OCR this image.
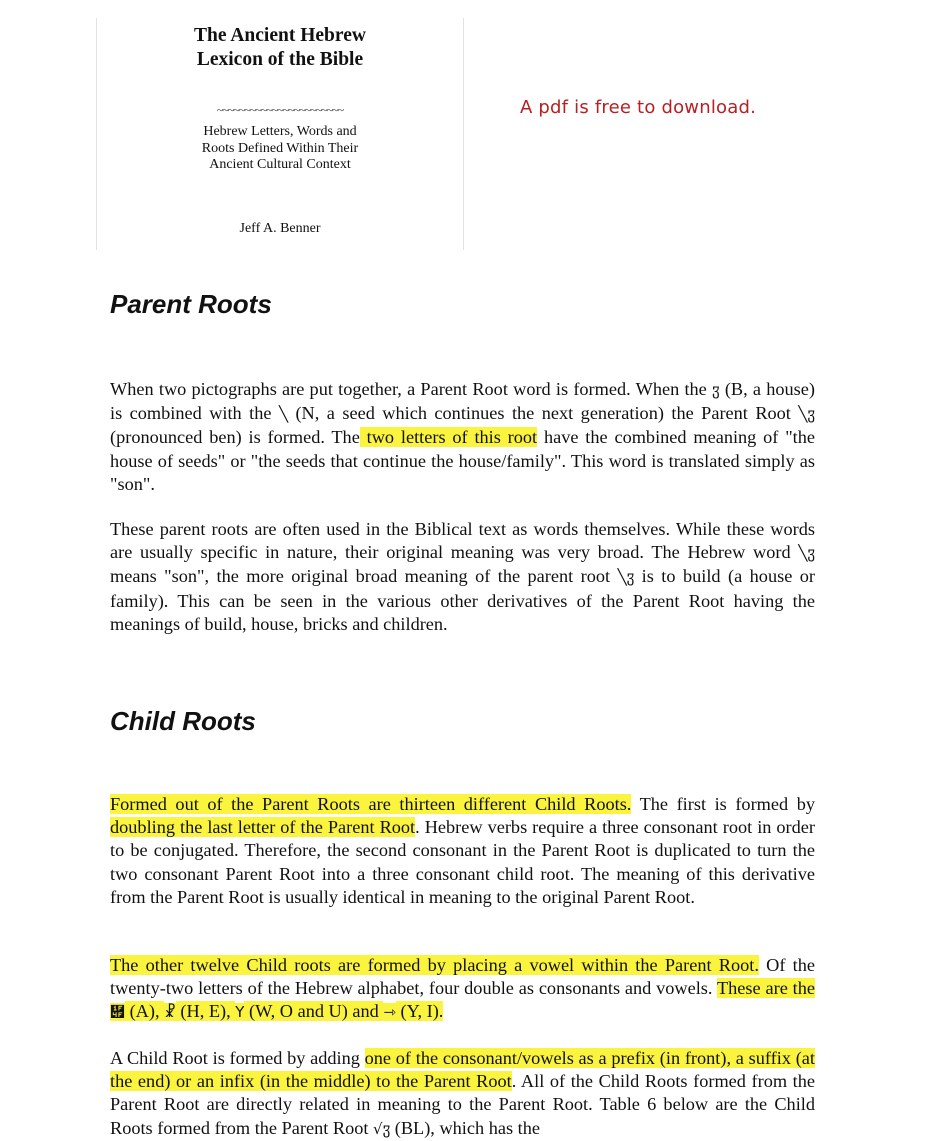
The Ancient Hebrew
Lexicon of the Bible
~~~~~~~~~~~~~~~~~~~~~~~
Hebrew Letters, Words and
Roots Defined Within Their
Ancient Cultural Context
Jeff A. Benner
A pdf is free to download.
Parent Roots

When two pictographs are put together, a Parent Root word is formed. When the ჳ (B, a house) is combined with the ╲ (N, a seed which continues the next generation) the Parent Root ╲ჳ (pronounced ben) is formed. The two letters of this root have the combined meaning of "the house of seeds" or "the seeds that continue the house/family". This word is translated simply as "son".

These parent roots are often used in the Biblical text as words themselves. While these words are usually specific in nature, their original meaning was very broad. The Hebrew word ╲ჳ means "son", the more original broad meaning of the parent root ╲ჳ is to build (a house or family). This can be seen in the various other derivatives of the Parent Root having the meanings of build, house, bricks and children.

Child Roots

Formed out of the Parent Roots are thirteen different Child Roots. The first is formed by doubling the last letter of the Parent Root. Hebrew verbs require a three consonant root in order to be conjugated. Therefore, the second consonant in the Parent Root is duplicated to turn the two consonant Parent Root into a three consonant child root. The meaning of this derivative from the Parent Root is usually identical in meaning to the original Parent Root.

The other twelve Child roots are formed by placing a vowel within the Parent Root. Of the twenty-two letters of the Hebrew alphabet, four double as consonants and vowels. These are the ὏ (A), ☧ (H, E), Y (W, O and U) and ⇾ (Y, I).

A Child Root is formed by adding one of the consonant/vowels as a prefix (in front), a suffix (at the end) or an infix (in the middle) to the Parent Root. All of the Child Roots formed from the Parent Root are directly related in meaning to the Parent Root. Table 6 below are the Child Roots formed from the Parent Root √ჳ (BL), which has the
